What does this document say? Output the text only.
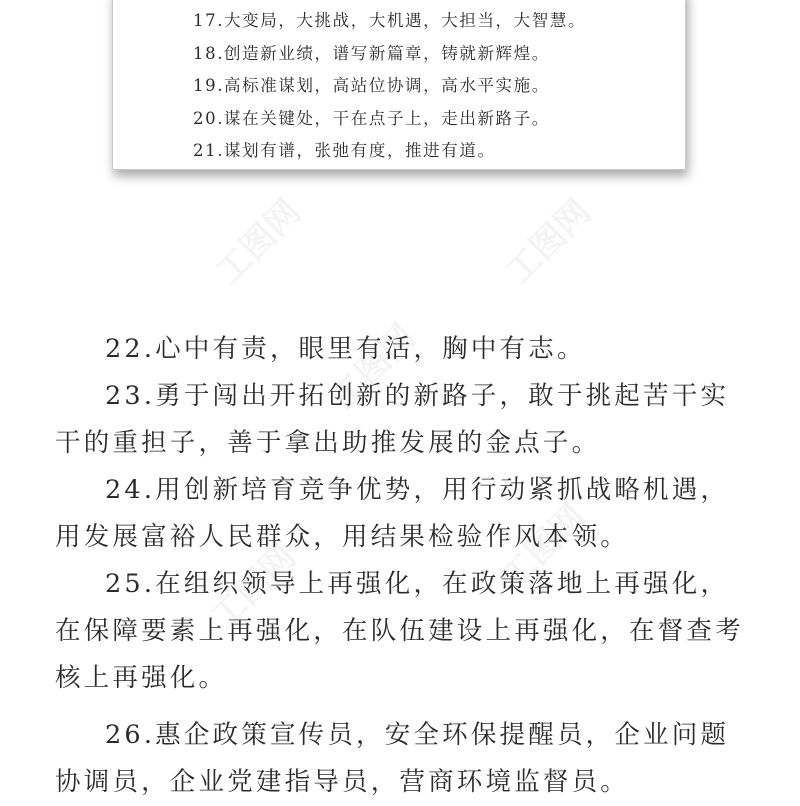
17.大变局，大挑战，大机遇，大担当，大智慧。
18.创造新业绩，谱写新篇章，铸就新辉煌。
19.高标准谋划，高站位协调，高水平实施。
20.谋在关键处，干在点子上，走出新路子。
21.谋划有谱，张弛有度，推进有道。

22.心中有责，眼里有活，胸中有志。

23.勇于闯出开拓创新的新路子，敢于挑起苦干实干的重担子，善于拿出助推发展的金点子。

24.用创新培育竞争优势，用行动紧抓战略机遇，用发展富裕人民群众，用结果检验作风本领。

25.在组织领导上再强化，在政策落地上再强化，在保障要素上再强化，在队伍建设上再强化，在督查考核上再强化。

26.惠企政策宣传员，安全环保提醒员，企业问题协调员，企业党建指导员，营商环境监督员。
